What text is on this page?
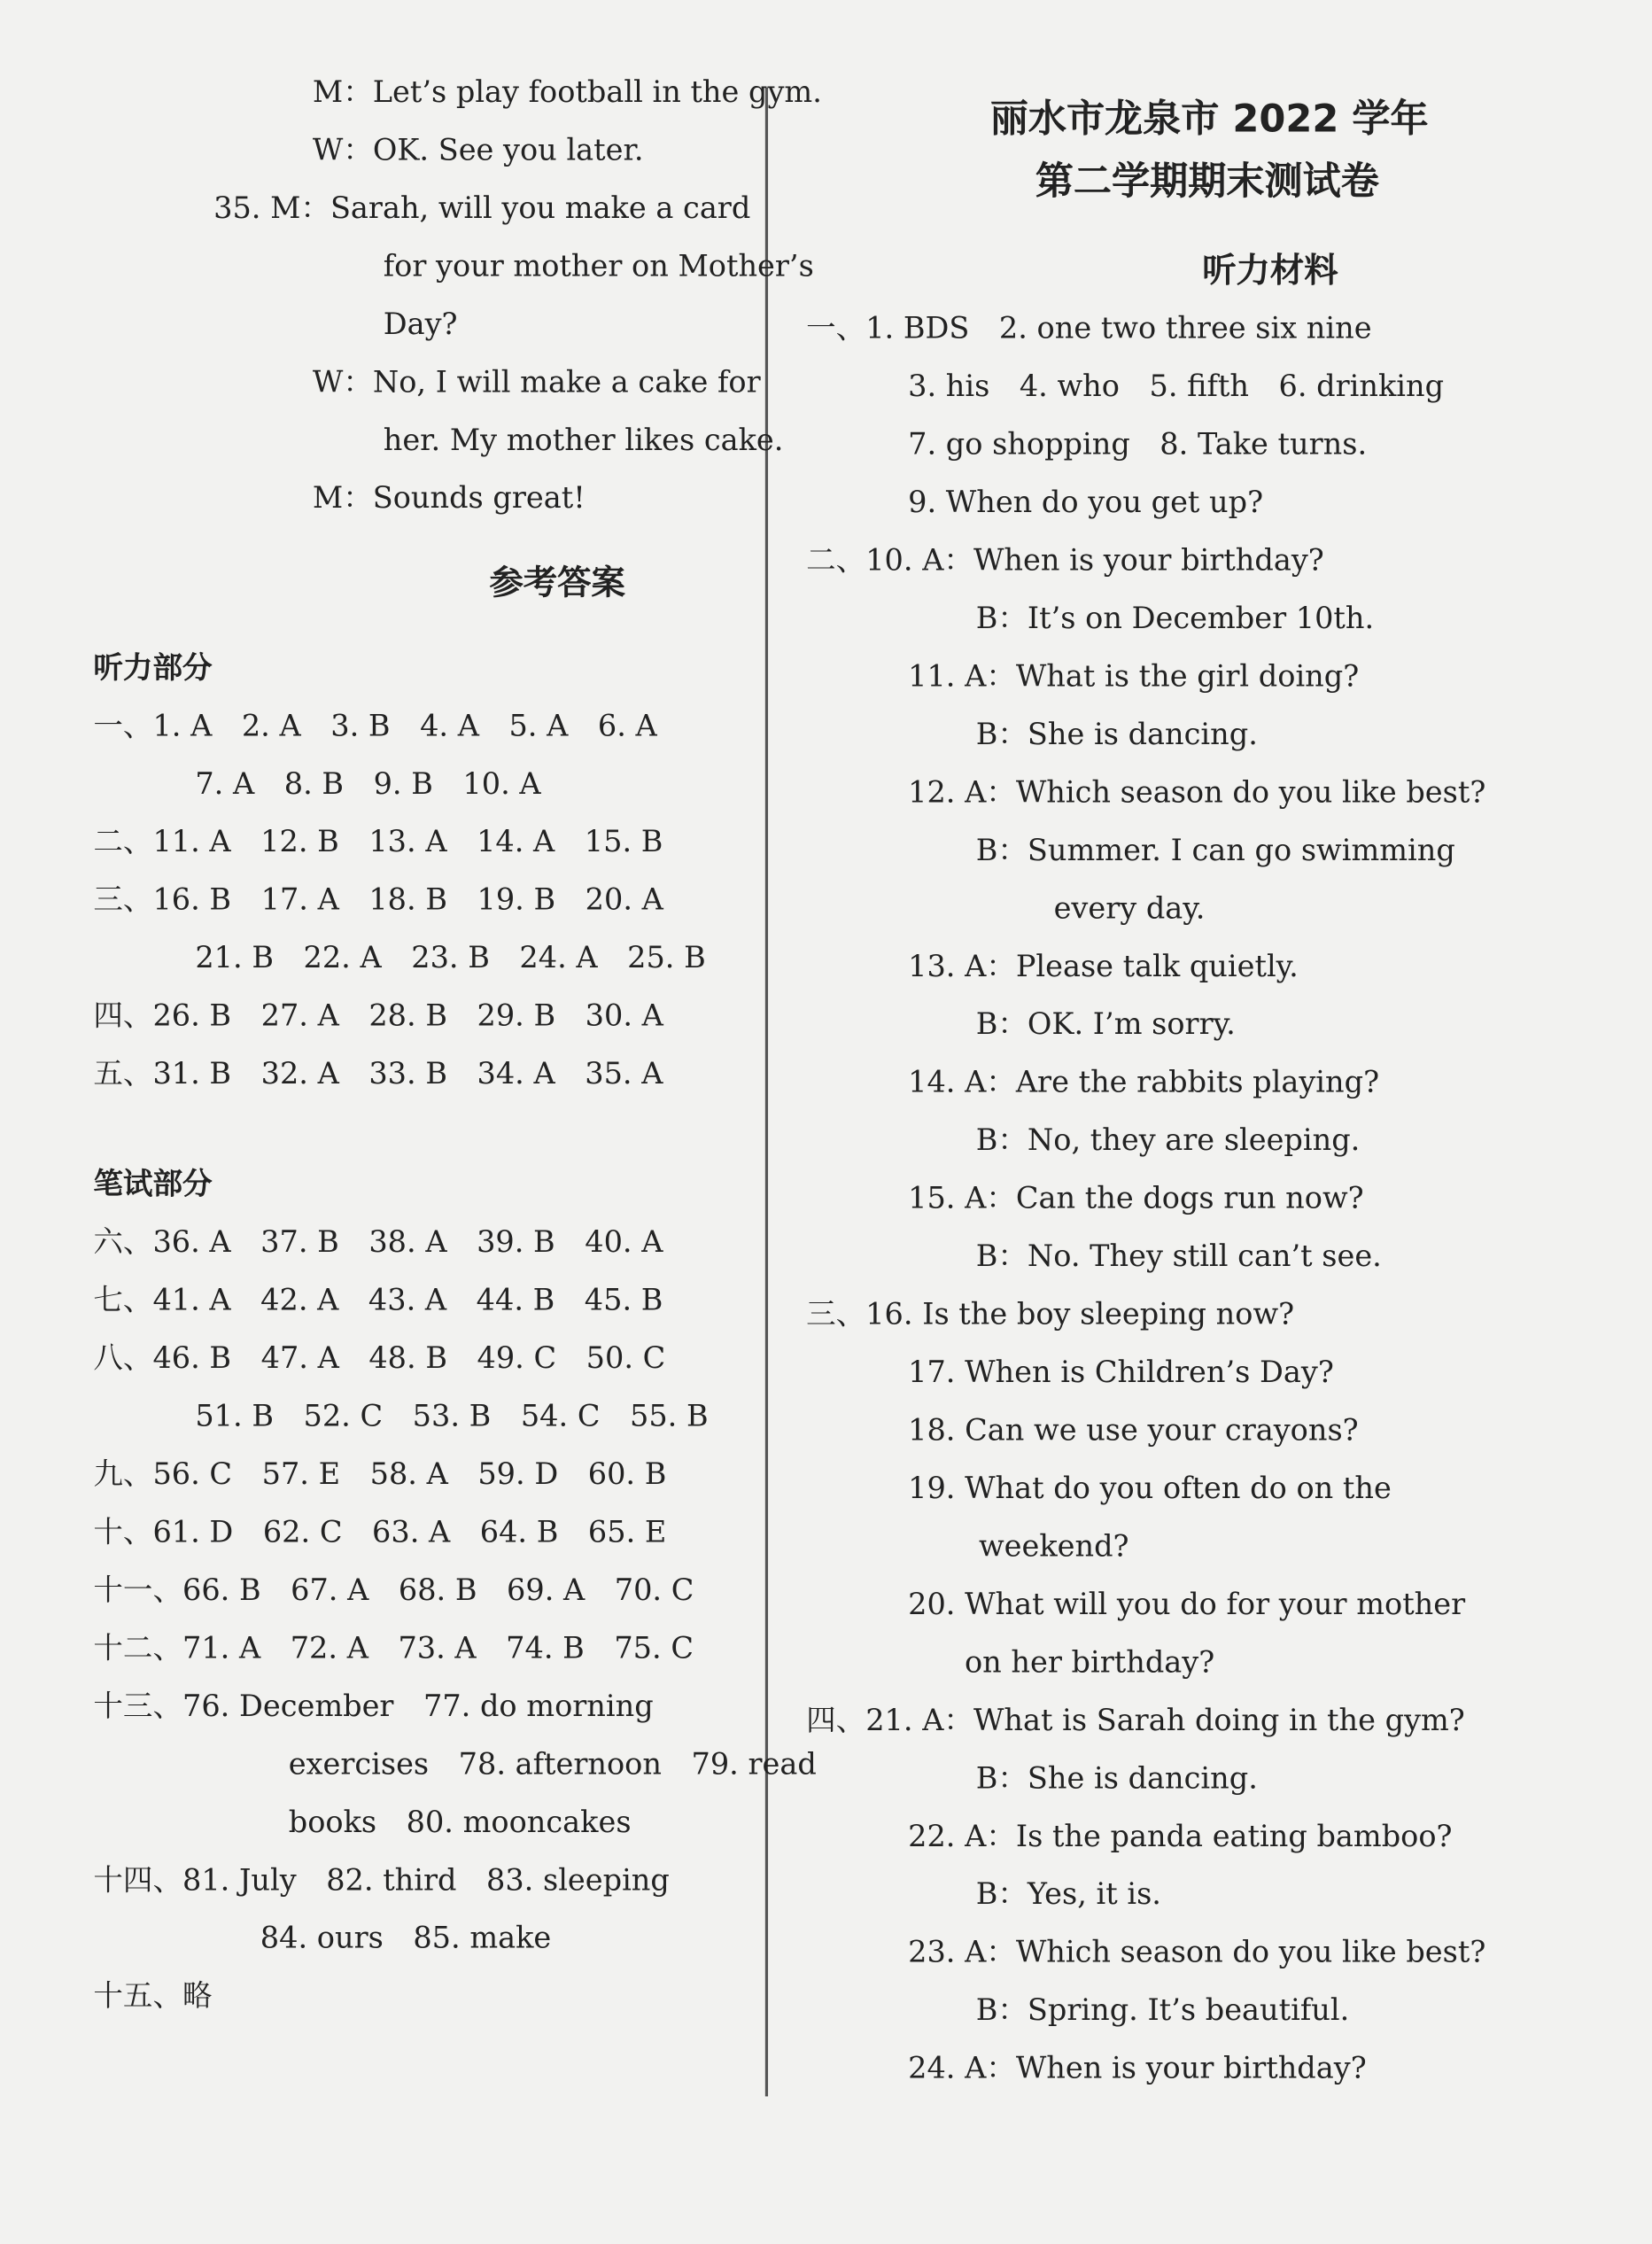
M：Let’s play football in the gym.
W：OK. See you later.
35. M：Sarah, will you make a card
for your mother on Mother’s
Day?
W：No, I will make a cake for
her. My mother likes cake.
M：Sounds great!
参考答案
听力部分
一、1. A　2. A　3. B　4. A　5. A　6. A
7. A　8. B　9. B　10. A
二、11. A　12. B　13. A　14. A　15. B
三、16. B　17. A　18. B　19. B　20. A
21. B　22. A　23. B　24. A　25. B
四、26. B　27. A　28. B　29. B　30. A
五、31. B　32. A　33. B　34. A　35. A
笔试部分
六、36. A　37. B　38. A　39. B　40. A
七、41. A　42. A　43. A　44. B　45. B
八、46. B　47. A　48. B　49. C　50. C
51. B　52. C　53. B　54. C　55. B
九、56. C　57. E　58. A　59. D　60. B
十、61. D　62. C　63. A　64. B　65. E
十一、66. B　67. A　68. B　69. A　70. C
十二、71. A　72. A　73. A　74. B　75. C
十三、76. December　77. do morning
exercises　78. afternoon　79. read
books　80. mooncakes
十四、81. July　82. third　83. sleeping
84. ours　85. make
十五、略
丽水市龙泉市 2022 学年
第二学期期末测试卷
听力材料
一、1. BDS　2. one two three six nine
3. his　4. who　5. fifth　6. drinking
7. go shopping　8. Take turns.
9. When do you get up?
二、10. A：When is your birthday?
B：It’s on December 10th.
11. A：What is the girl doing?
B：She is dancing.
12. A：Which season do you like best?
B：Summer. I can go swimming
every day.
13. A：Please talk quietly.
B：OK. I’m sorry.
14. A：Are the rabbits playing?
B：No, they are sleeping.
15. A：Can the dogs run now?
B：No. They still can’t see.
三、16. Is the boy sleeping now?
17. When is Children’s Day?
18. Can we use your crayons?
19. What do you often do on the
weekend?
20. What will you do for your mother
on her birthday?
四、21. A：What is Sarah doing in the gym?
B：She is dancing.
22. A：Is the panda eating bamboo?
B：Yes, it is.
23. A：Which season do you like best?
B：Spring. It’s beautiful.
24. A：When is your birthday?
